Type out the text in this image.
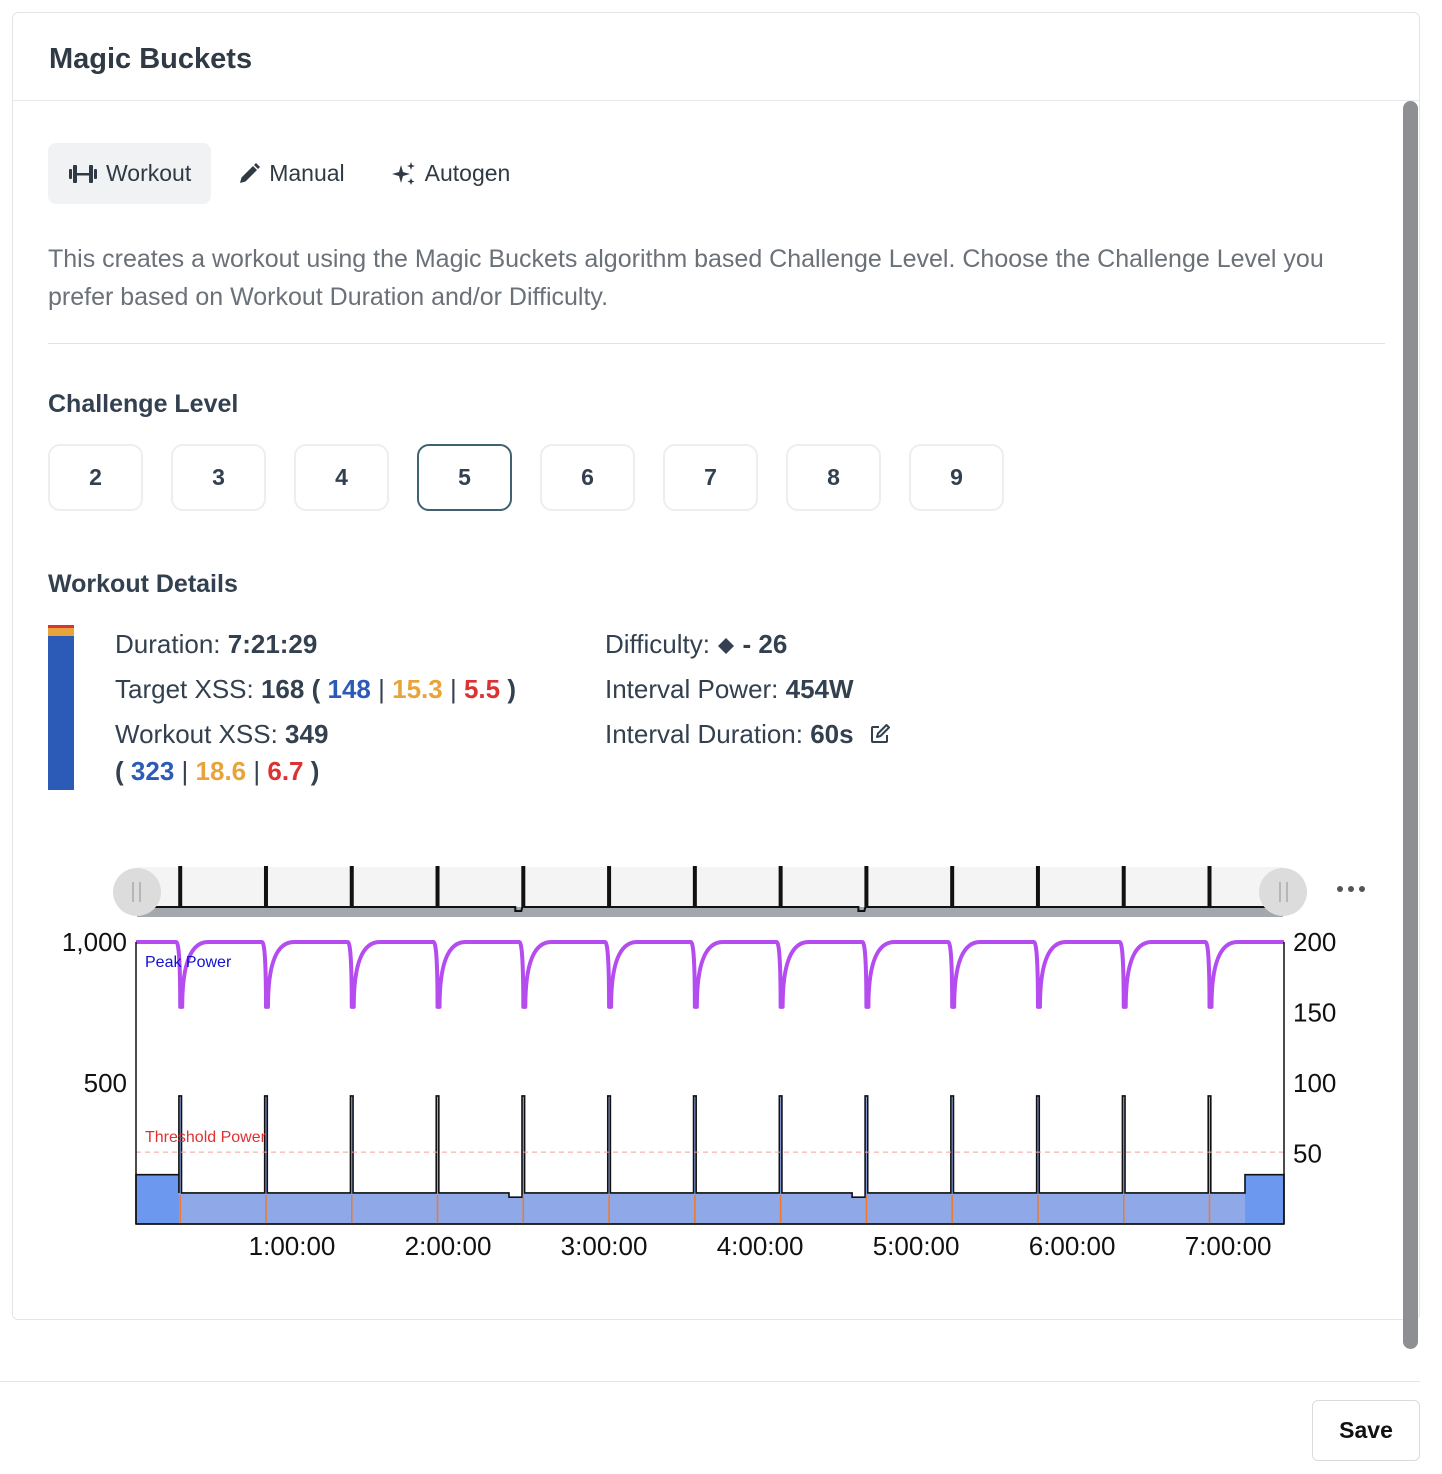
Magic Buckets
Workout	Manual	Autogen
This creates a workout using the Magic Buckets algorithm based Challenge Level. Choose the Challenge Level you prefer based on Workout Duration and/or Difficulty.
Challenge Level
2	3	4	5	6	7	8	9
Workout Details
Duration: 7:21:29
Target XSS: 168 ( 148 | 15.3 | 5.5 )
Workout XSS: 349
( 323 | 18.6 | 6.7 )
Difficulty: - 26
Interval Power: 454W
Interval Duration: 60s
Peak Power
Threshold Power
1,000
500
200
150
100
50
1:00:00	2:00:00	3:00:00	4:00:00	5:00:00	6:00:00	7:00:00
Save
